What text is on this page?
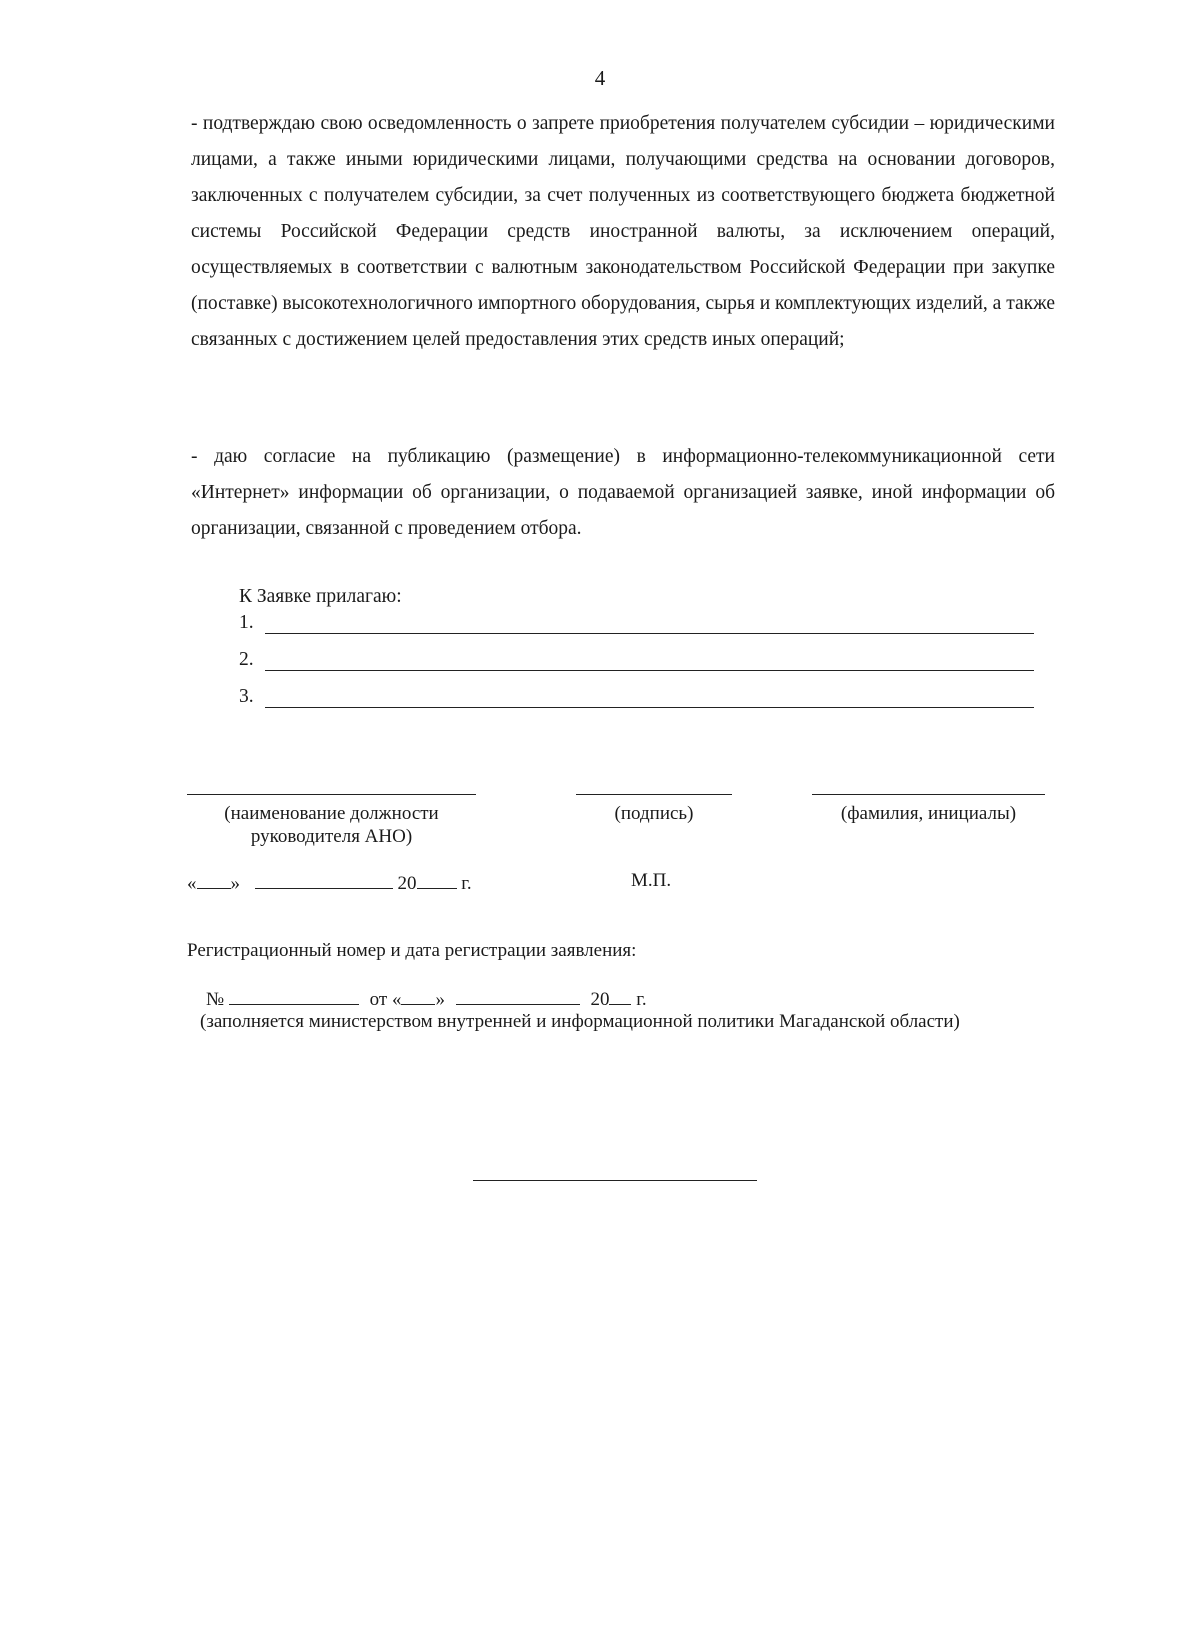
4

- подтверждаю свою осведомленность о запрете приобретения получателем субсидии – юридическими лицами, а также иными юридическими лицами, получающими средства на основании договоров, заключенных с получателем субсидии, за счет полученных из соответствующего бюджета бюджетной системы Российской Федерации средств иностранной валюты, за исключением операций, осуществляемых в соответствии с валютным законодательством Российской Федерации при закупке (поставке) высокотехнологичного импортного оборудования, сырья и комплектующих изделий, а также связанных с достижением целей предоставления этих средств иных операций;

- даю согласие на публикацию (размещение) в информационно-телекоммуникационной сети «Интернет» информации об организации, о подаваемой организацией заявке, иной информации об организации, связанной с проведением отбора.

К Заявке прилагаю:
1.
2.
3.
(наименование должности
руководителя АНО)
(подпись)	(фамилия, инициалы)
« »	20 г.	М.П.
Регистрационный номер и дата регистрации заявления:
№	от « »	20 г.
(заполняется министерством внутренней и информационной политики Магаданской области)
